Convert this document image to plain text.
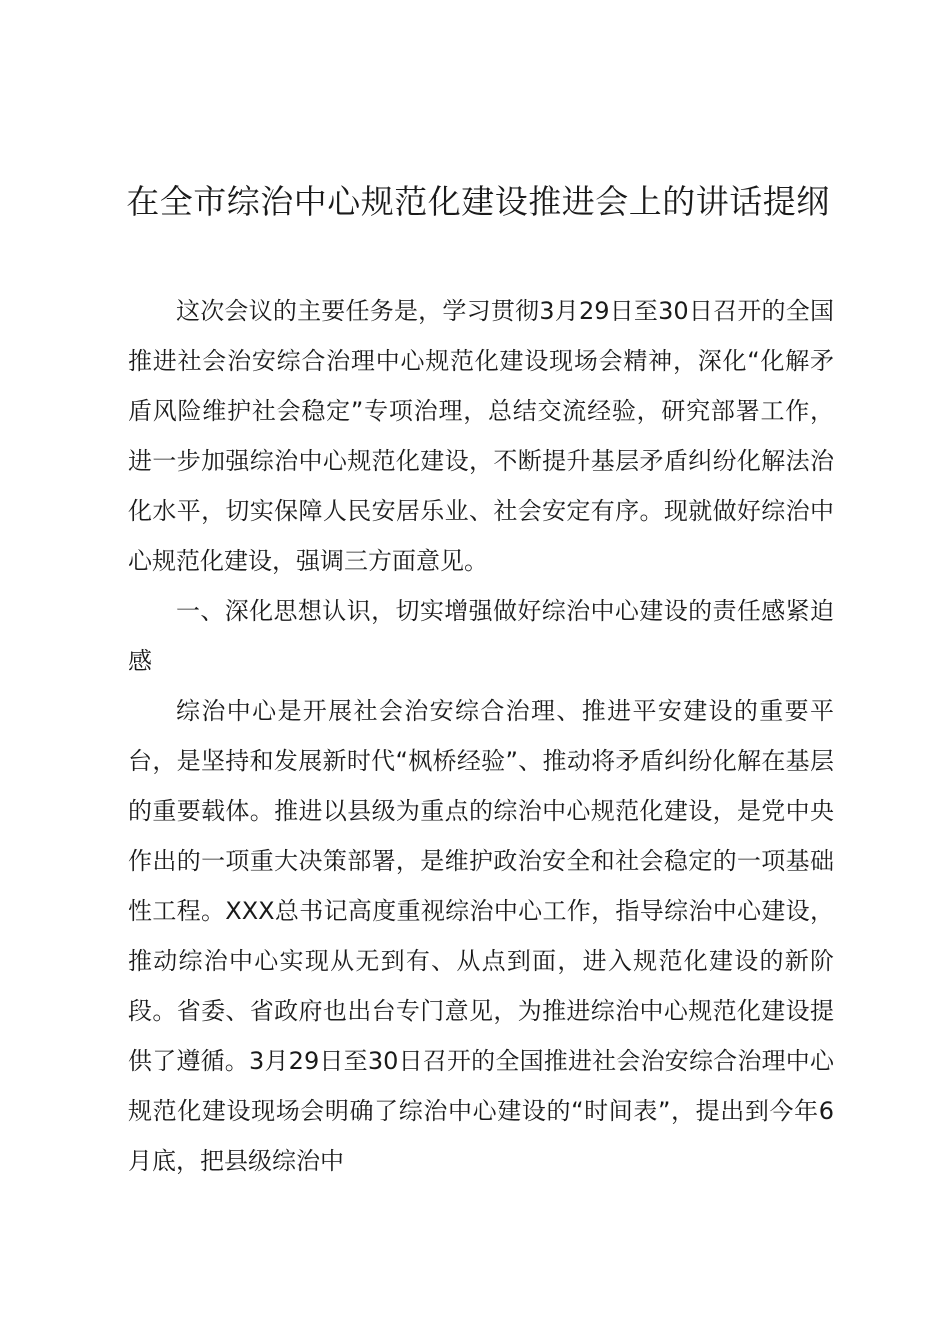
在全市综治中心规范化建设推进会上的讲话提纲

这次会议的主要任务是，学习贯彻3月29日至30日召开的全国推进社会治安综合治理中心规范化建设现场会精神，深化“化解矛盾风险维护社会稳定”专项治理，总结交流经验，研究部署工作，进一步加强综治中心规范化建设，不断提升基层矛盾纠纷化解法治化水平，切实保障人民安居乐业、社会安定有序。现就做好综治中心规范化建设，强调三方面意见。

一、深化思想认识，切实增强做好综治中心建设的责任感紧迫感

综治中心是开展社会治安综合治理、推进平安建设的重要平台，是坚持和发展新时代“枫桥经验”、推动将矛盾纠纷化解在基层的重要载体。推进以县级为重点的综治中心规范化建设，是党中央作出的一项重大决策部署，是维护政治安全和社会稳定的一项基础性工程。XXX总书记高度重视综治中心工作，指导综治中心建设，推动综治中心实现从无到有、从点到面，进入规范化建设的新阶段。省委、省政府也出台专门意见，为推进综治中心规范化建设提供了遵循。3月29日至30日召开的全国推进社会治安综合治理中心规范化建设现场会明确了综治中心建设的“时间表”，提出到今年6月底，把县级综治中
